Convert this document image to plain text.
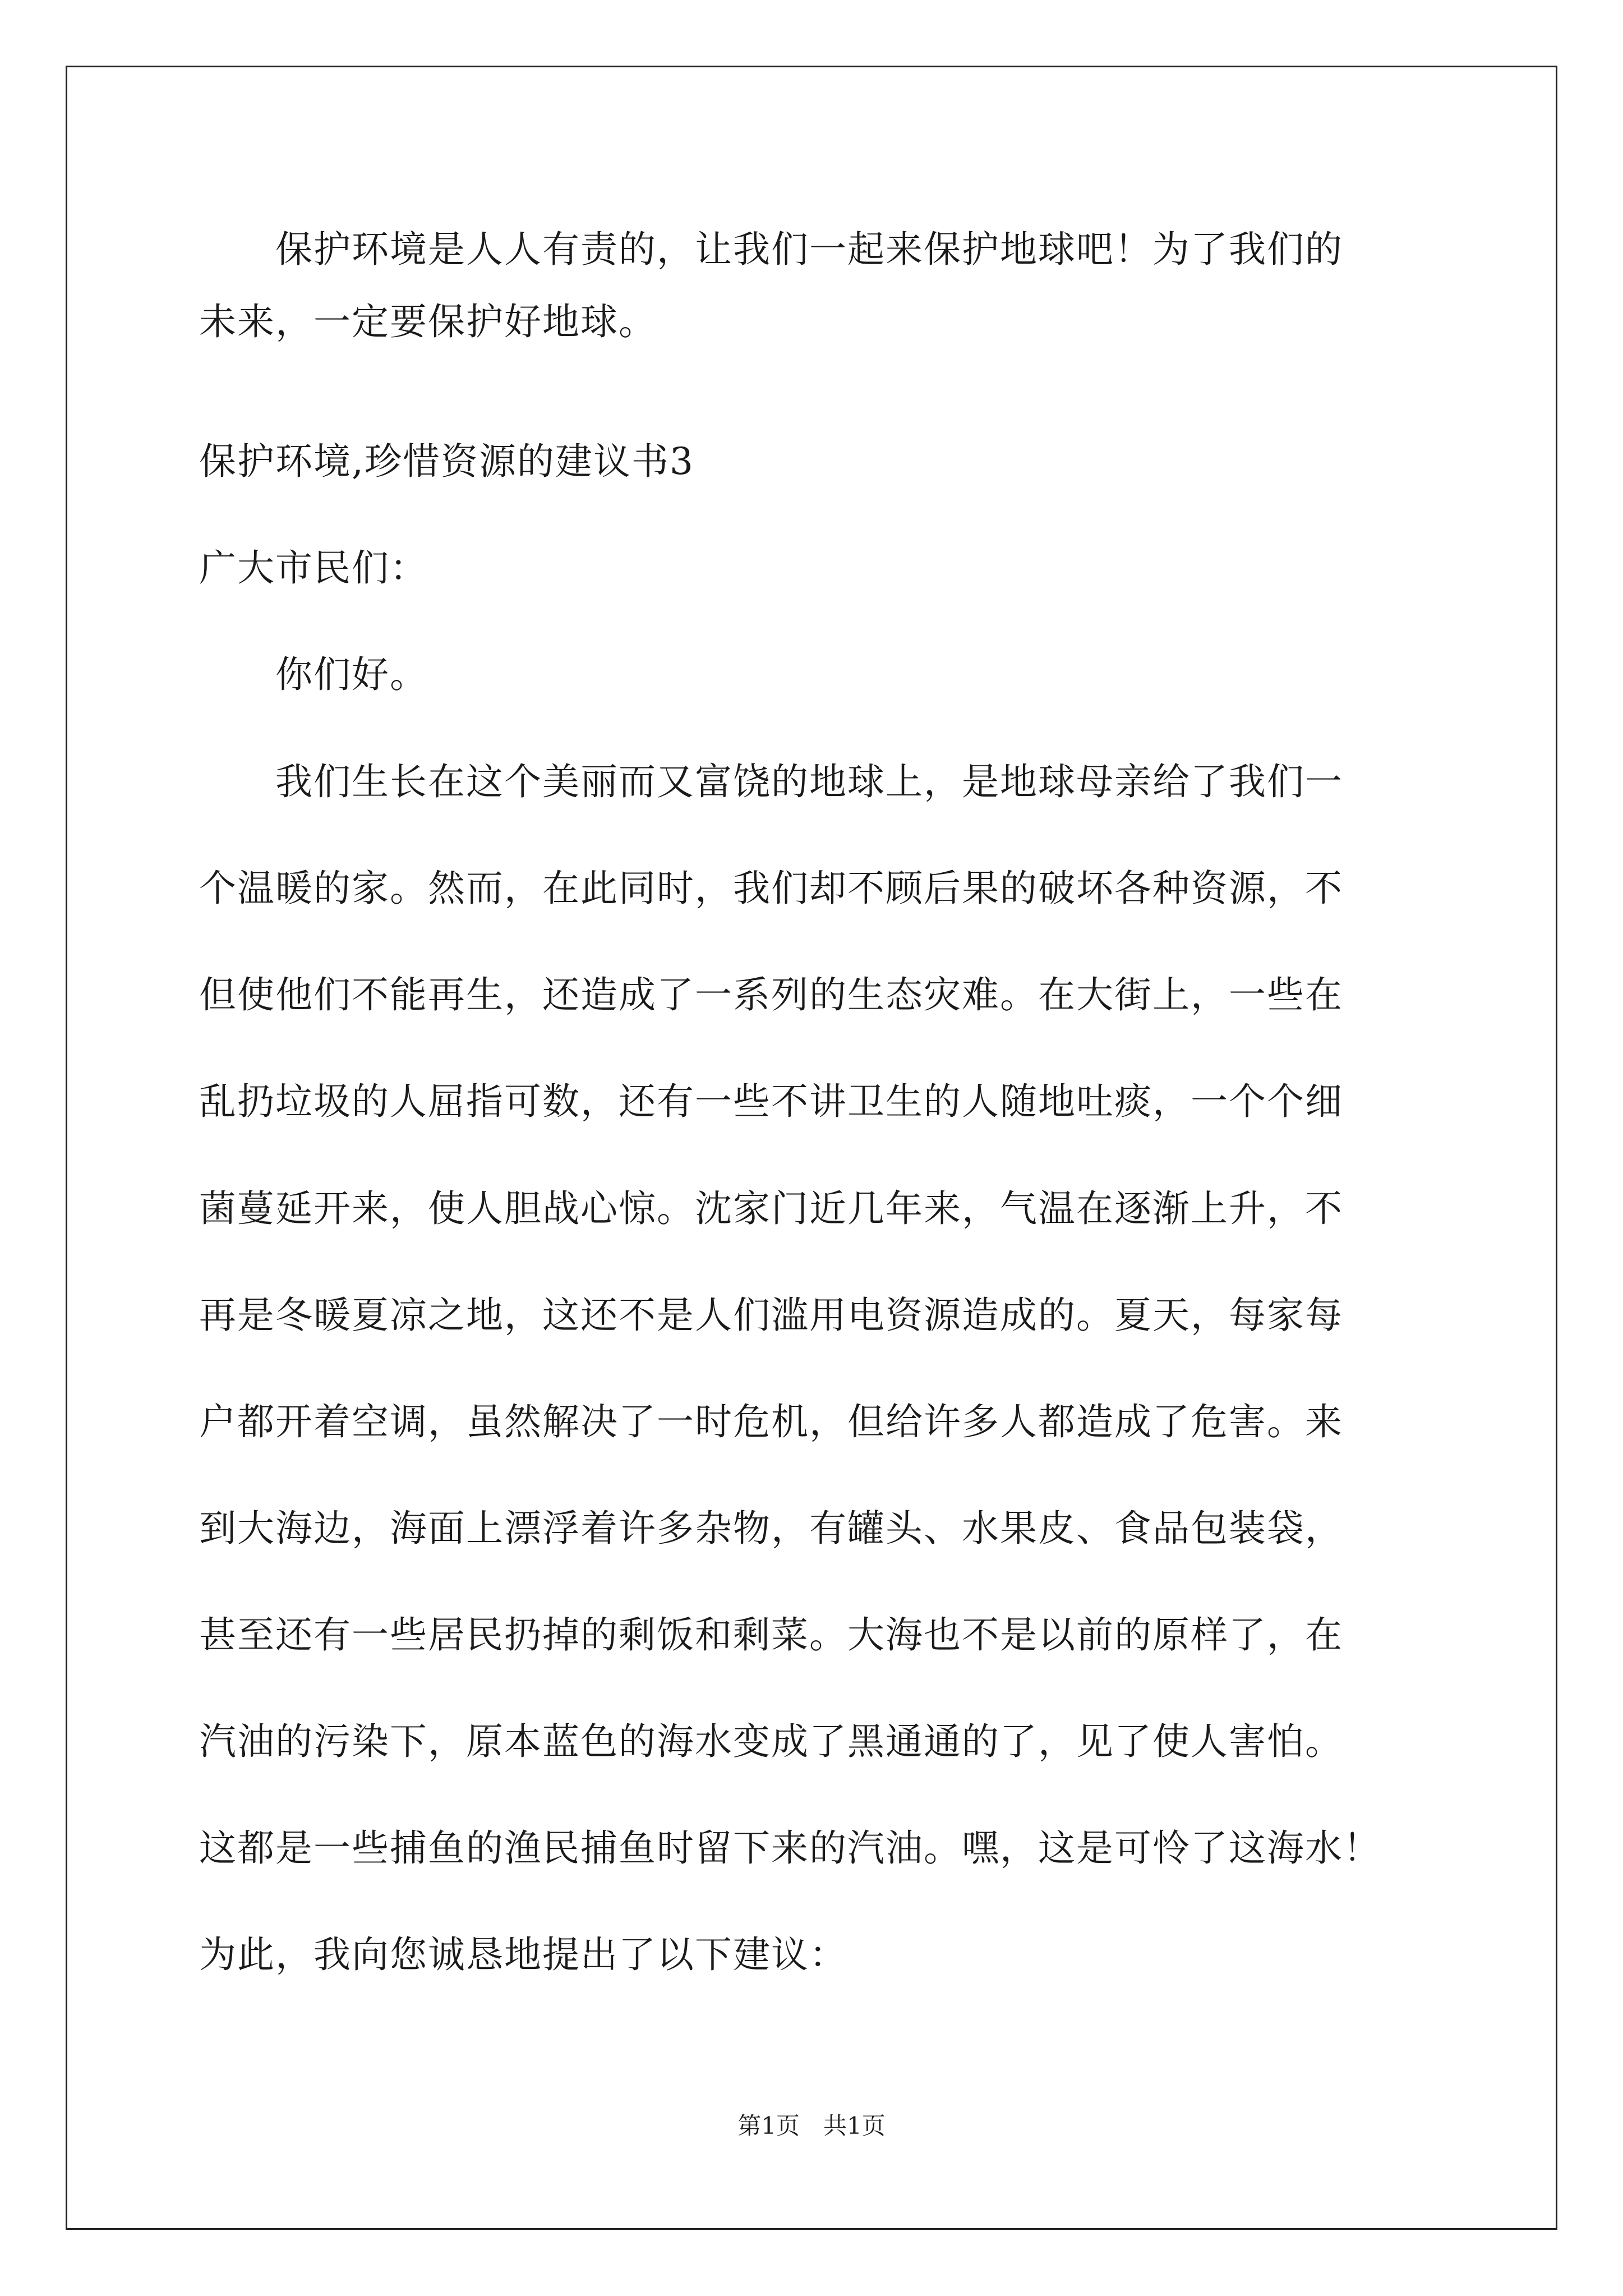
　　保护环境是人人有责的，让我们一起来保护地球吧！为了我们的
未来，一定要保护好地球。
保护环境,珍惜资源的建议书3
广大市民们：
　　你们好。
　　我们生长在这个美丽而又富饶的地球上，是地球母亲给了我们一
个温暖的家。然而，在此同时，我们却不顾后果的破坏各种资源，不
但使他们不能再生，还造成了一系列的生态灾难。在大街上，一些在
乱扔垃圾的人屈指可数，还有一些不讲卫生的人随地吐痰，一个个细
菌蔓延开来，使人胆战心惊。沈家门近几年来，气温在逐渐上升，不
再是冬暖夏凉之地，这还不是人们滥用电资源造成的。夏天，每家每
户都开着空调，虽然解决了一时危机，但给许多人都造成了危害。来
到大海边，海面上漂浮着许多杂物，有罐头、水果皮、食品包装袋，
甚至还有一些居民扔掉的剩饭和剩菜。大海也不是以前的原样了，在
汽油的污染下，原本蓝色的海水变成了黑通通的了，见了使人害怕。
这都是一些捕鱼的渔民捕鱼时留下来的汽油。嘿，这是可怜了这海水！
为此，我向您诚恳地提出了以下建议：
第1页　共1页
